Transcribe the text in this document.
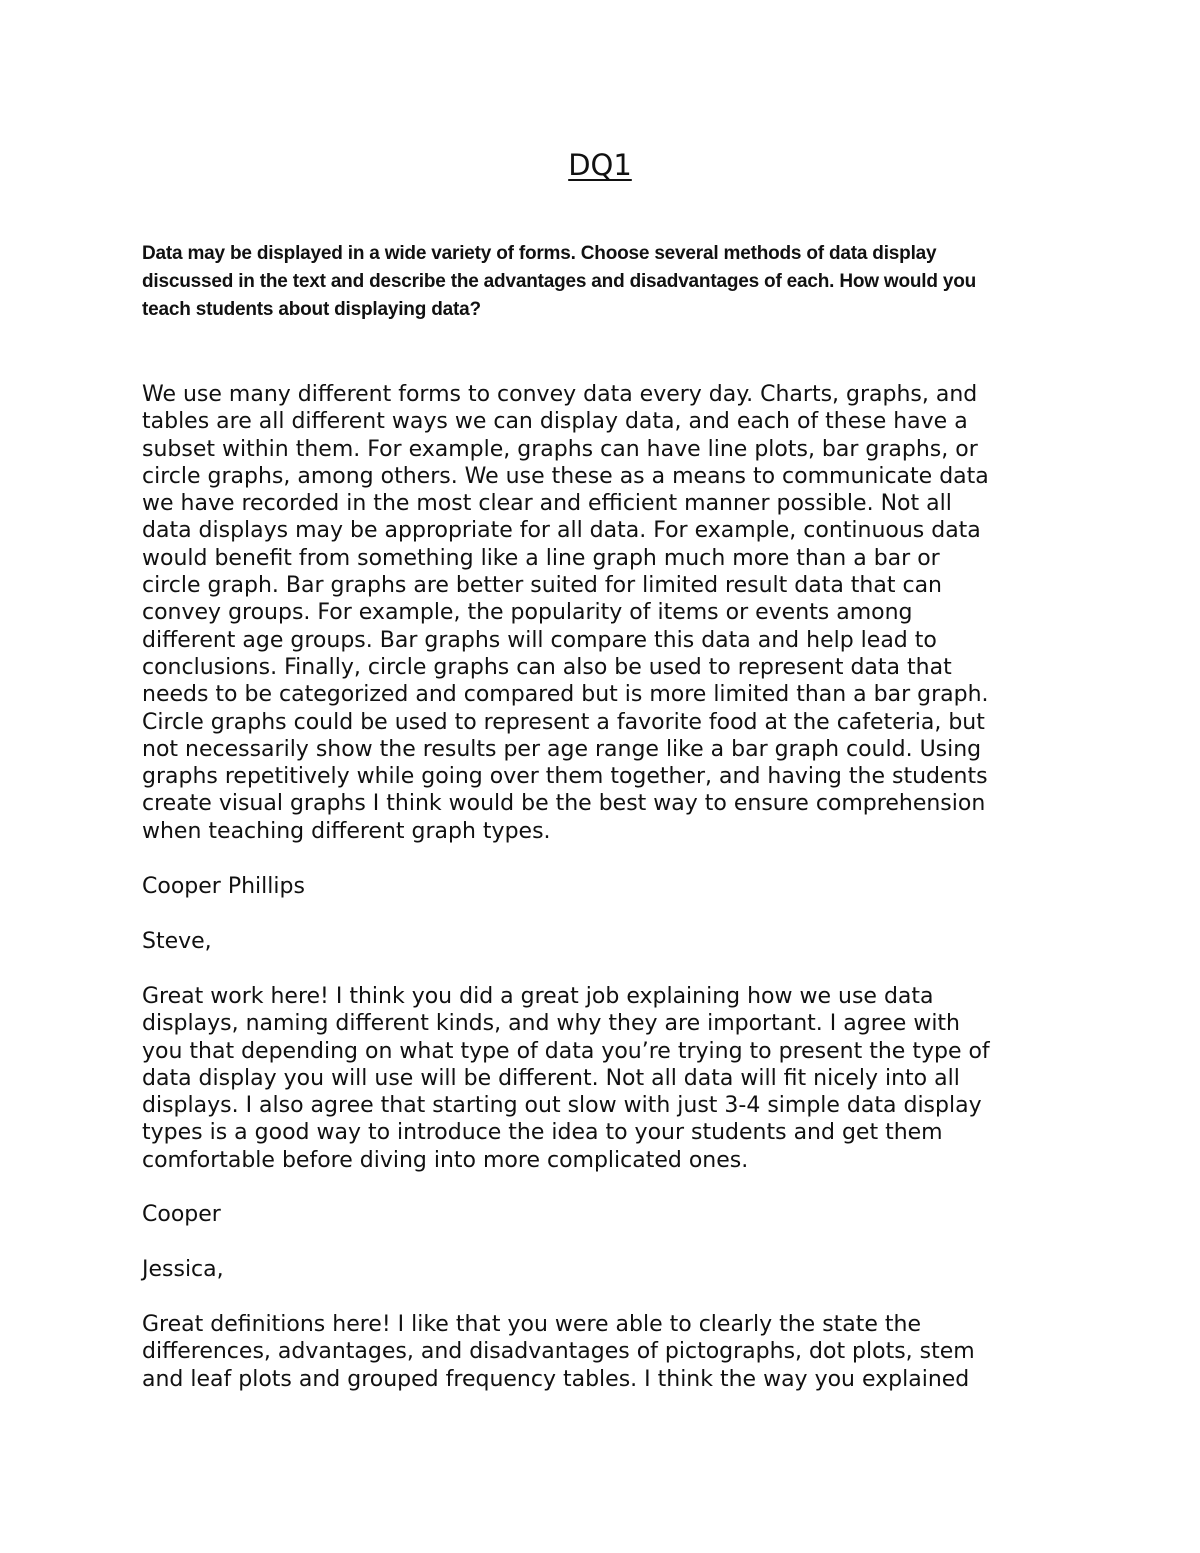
DQ1

Data may be displayed in a wide variety of forms. Choose several methods of data display
discussed in the text and describe the advantages and disadvantages of each. How would you
teach students about displaying data?

We use many different forms to convey data every day. Charts, graphs, and
tables are all different ways we can display data, and each of these have a
subset within them. For example, graphs can have line plots, bar graphs, or
circle graphs, among others. We use these as a means to communicate data
we have recorded in the most clear and efficient manner possible. Not all
data displays may be appropriate for all data. For example, continuous data
would benefit from something like a line graph much more than a bar or
circle graph. Bar graphs are better suited for limited result data that can
convey groups. For example, the popularity of items or events among
different age groups. Bar graphs will compare this data and help lead to
conclusions. Finally, circle graphs can also be used to represent data that
needs to be categorized and compared but is more limited than a bar graph.
Circle graphs could be used to represent a favorite food at the cafeteria, but
not necessarily show the results per age range like a bar graph could. Using
graphs repetitively while going over them together, and having the students
create visual graphs I think would be the best way to ensure comprehension
when teaching different graph types.

Cooper Phillips

Steve,

Great work here! I think you did a great job explaining how we use data
displays, naming different kinds, and why they are important. I agree with
you that depending on what type of data you’re trying to present the type of
data display you will use will be different. Not all data will fit nicely into all
displays. I also agree that starting out slow with just 3-4 simple data display
types is a good way to introduce the idea to your students and get them
comfortable before diving into more complicated ones.

Cooper

Jessica,

Great definitions here! I like that you were able to clearly the state the
differences, advantages, and disadvantages of pictographs, dot plots, stem
and leaf plots and grouped frequency tables. I think the way you explained
